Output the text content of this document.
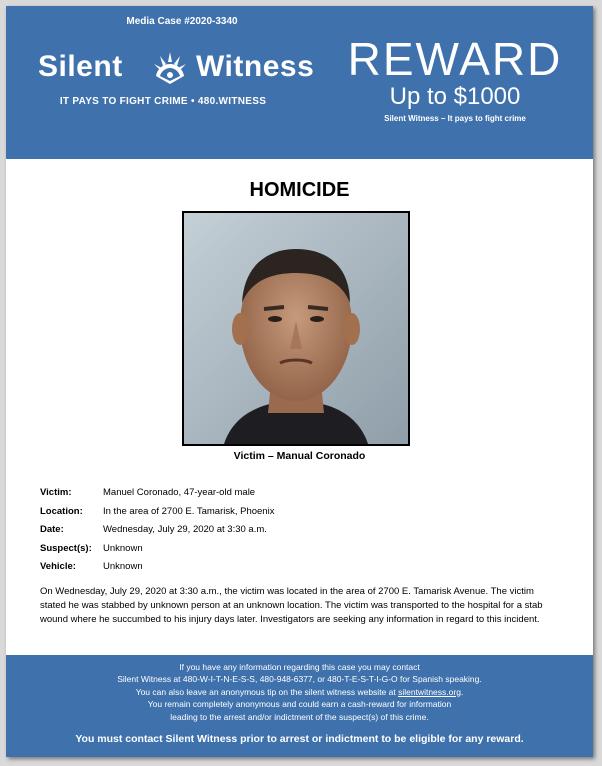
Media Case #2020-3340
Silent Witness
IT PAYS TO FIGHT CRIME • 480.WITNESS
REWARD
Up to $1000
Silent Witness – It pays to fight crime
HOMICIDE
Victim – Manual Coronado
Victim:	Manuel Coronado, 47-year-old male
Location: In the area of 2700 E. Tamarisk, Phoenix
Date:	Wednesday, July 29, 2020 at 3:30 a.m.
Suspect(s): Unknown
Vehicle:	Unknown
On Wednesday, July 29, 2020 at 3:30 a.m., the victim was located in the area of 2700 E. Tamarisk Avenue. The victim stated he was stabbed by unknown person at an unknown location. The victim was transported to the hospital for a stab wound where he succumbed to his injury days later. Investigators are seeking any information in regard to this incident.
If you have any information regarding this case you may contact
Silent Witness at 480-W-I-T-N-E-S-S, 480-948-6377, or 480-T-E-S-T-I-G-O for Spanish speaking.
You can also leave an anonymous tip on the silent witness website at silentwitness.org.
You remain completely anonymous and could earn a cash-reward for information
leading to the arrest and/or indictment of the suspect(s) of this crime.
You must contact Silent Witness prior to arrest or indictment to be eligible for any reward.
